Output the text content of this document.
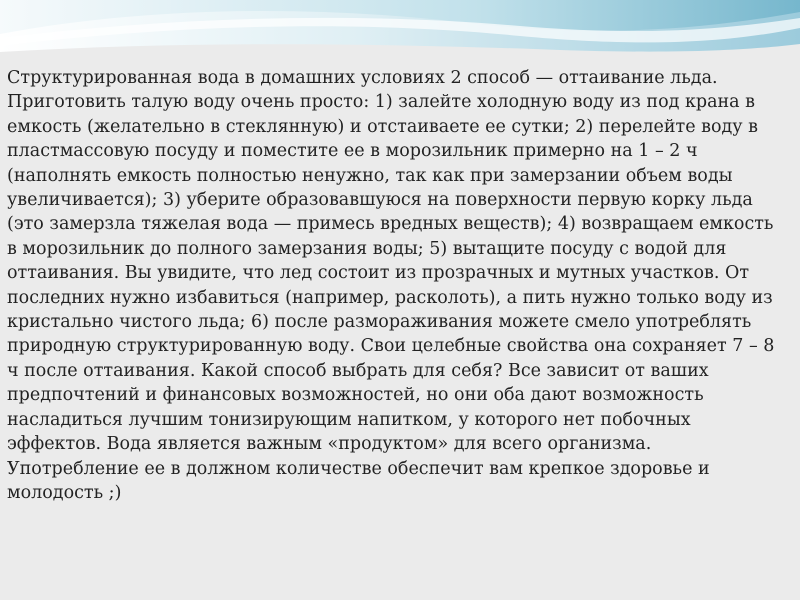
Структурированная вода в домашних условиях 2 способ — оттаивание льда. Приготовить талую воду очень просто: 1) залейте холодную воду из под крана в емкость (желательно в стеклянную) и отстаиваете ее сутки; 2) перелейте воду в пластмассовую посуду и поместите ее в морозильник примерно на 1 – 2 ч (наполнять емкость полностью ненужно, так как при замерзании объем воды увеличивается); 3) уберите образовавшуюся на поверхности первую корку льда (это замерзла тяжелая вода — примесь вредных веществ); 4) возвращаем емкость в морозильник до полного замерзания воды; 5) вытащите посуду с водой для оттаивания. Вы увидите, что лед состоит из прозрачных и мутных участков. От последних нужно избавиться (например, расколоть), а пить нужно только воду из кристально чистого льда; 6) после размораживания можете смело употреблять природную структурированную воду. Свои целебные свойства она сохраняет 7 – 8 ч после оттаивания. Какой способ выбрать для себя? Все зависит от ваших предпочтений и финансовых возможностей, но они оба дают возможность насладиться лучшим тонизирующим напитком, у которого нет побочных эффектов. Вода является важным «продуктом» для всего организма. Употребление ее в должном количестве обеспечит вам крепкое здоровье и молодость ;)
